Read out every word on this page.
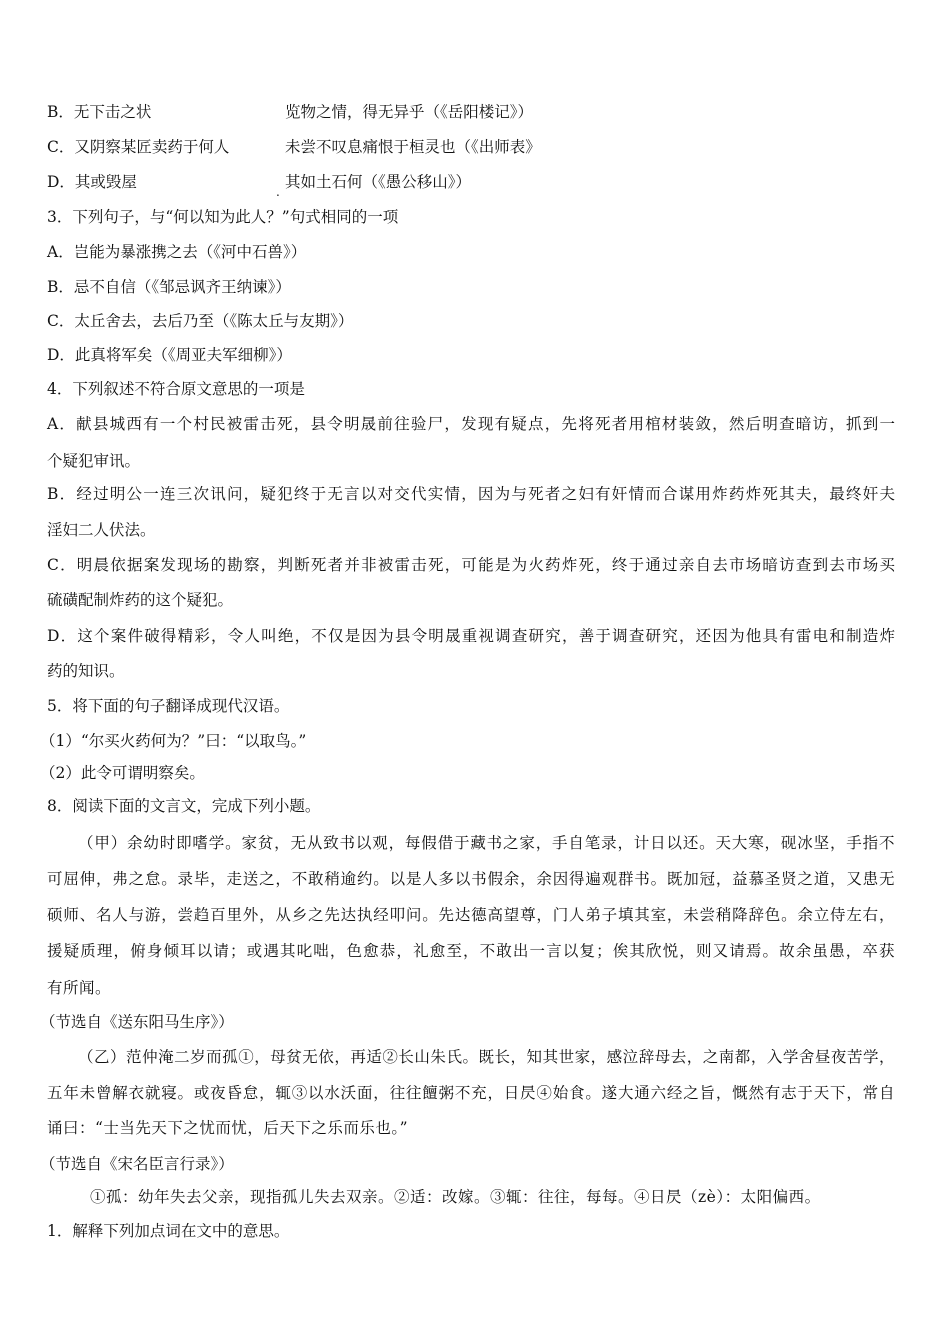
B．无下击之状	览物之情，得无异乎（《岳阳楼记》）
C．又阴察某匠卖药于何人	未尝不叹息痛恨于桓灵也（《出师表》
D．其或毁屋
.
其如土石何（《愚公移山》）
3．下列句子，与“何以知为此人？”句式相同的一项
A．岂能为暴涨携之去（《河中石兽》）
B．忌不自信（《邹忌讽齐王纳谏》）
C．太丘舍去，去后乃至（《陈太丘与友期》）
D．此真将军矣（《周亚夫军细柳》）
4．下列叙述不符合原文意思的一项是
A．献县城西有一个村民被雷击死，县令明晟前往验尸，发现有疑点，先将死者用棺材装敛，然后明查暗访，抓到一
个疑犯审讯。
B．经过明公一连三次讯问，疑犯终于无言以对交代实情，因为与死者之妇有奸情而合谋用炸药炸死其夫，最终奸夫
淫妇二人伏法。
C．明晨依据案发现场的勘察，判断死者并非被雷击死，可能是为火药炸死，终于通过亲自去市场暗访查到去市场买
硫磺配制炸药的这个疑犯。
D．这个案件破得精彩，令人叫绝，不仅是因为县令明晟重视调查研究，善于调查研究，还因为他具有雷电和制造炸
药的知识。
5．将下面的句子翻译成现代汉语。
（1）“尔买火药何为？”曰：“以取鸟。”
（2）此令可谓明察矣。
8．阅读下面的文言文，完成下列小题。
（甲）余幼时即嗜学。家贫，无从致书以观，每假借于藏书之家，手自笔录，计日以还。天大寒，砚冰坚，手指不
可屈伸，弗之怠。录毕，走送之，不敢稍逾约。以是人多以书假余，余因得遍观群书。既加冠，益慕圣贤之道，又患无
硕师、名人与游，尝趋百里外，从乡之先达执经叩问。先达德高望尊，门人弟子填其室，未尝稍降辞色。余立侍左右，
援疑质理，俯身倾耳以请；或遇其叱咄，色愈恭，礼愈至，不敢出一言以复；俟其欣悦，则又请焉。故余虽愚，卒获
有所闻。
（节选自《送东阳马生序》）
（乙）范仲淹二岁而孤①，母贫无依，再适②长山朱氏。既长，知其世家，感泣辞母去，之南都，入学舍昼夜苦学，
五年未曾解衣就寝。或夜昏怠，辄③以水沃面，往往饘粥不充，日昃④始食。遂大通六经之旨，慨然有志于天下，常自
诵曰：“士当先天下之忧而忧，后天下之乐而乐也。”
（节选自《宋名臣言行录》）
①孤：幼年失去父亲，现指孤儿失去双亲。②适：改嫁。③辄：往往，每每。④日昃（zè）：太阳偏西。
1．解释下列加点词在文中的意思。
